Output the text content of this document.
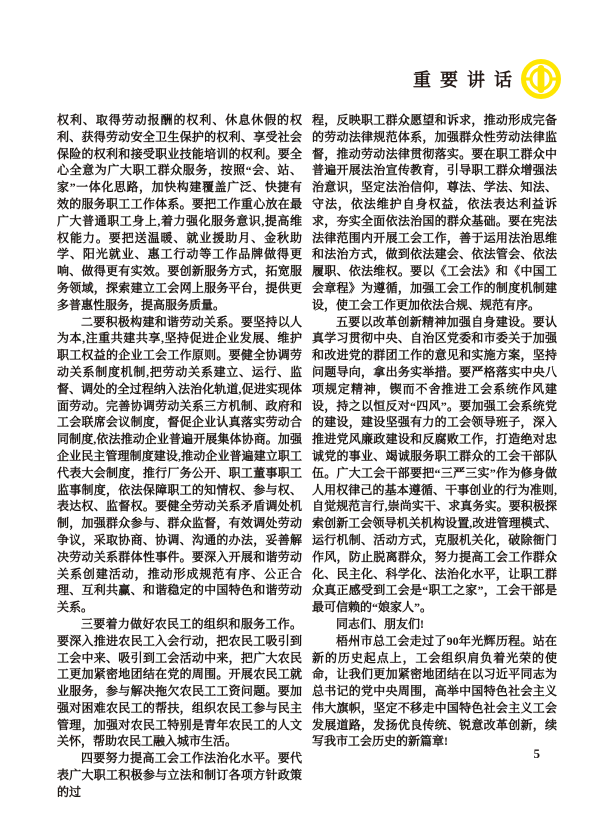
重要讲话

权利、取得劳动报酬的权利、休息休假的权利、获得劳动安全卫生保护的权利、享受社会保险的权利和接受职业技能培训的权利。要全心全意为广大职工群众服务，按照“会、站、家”一体化思路，加快构建覆盖广泛、快捷有效的服务职工工作体系。要把工作重心放在最广大普通职工身上,着力强化服务意识,提高维权能力。要把送温暖、就业援助月、金秋助学、阳光就业、惠工行动等工作品牌做得更响、做得更有实效。要创新服务方式，拓宽服务领域，探索建立工会网上服务平台，提供更多普惠性服务，提高服务质量。

二要积极构建和谐劳动关系。要坚持以人为本,注重共建共享,坚持促进企业发展、维护职工权益的企业工会工作原则。要健全协调劳动关系制度机制,把劳动关系建立、运行、监督、调处的全过程纳入法治化轨道,促进实现体面劳动。完善协调劳动关系三方机制、政府和工会联席会议制度，督促企业认真落实劳动合同制度,依法推动企业普遍开展集体协商。加强企业民主管理制度建设,推动企业普遍建立职工代表大会制度，推行厂务公开、职工董事职工监事制度，依法保障职工的知情权、参与权、表达权、监督权。要健全劳动关系矛盾调处机制，加强群众参与、群众监督，有效调处劳动争议，采取协商、协调、沟通的办法，妥善解决劳动关系群体性事件。要深入开展和谐劳动关系创建活动，推动形成规范有序、公正合理、互利共赢、和谐稳定的中国特色和谐劳动关系。

三要着力做好农民工的组织和服务工作。要深入推进农民工入会行动，把农民工吸引到工会中来、吸引到工会活动中来，把广大农民工更加紧密地团结在党的周围。开展农民工就业服务，参与解决拖欠农民工工资问题。要加强对困难农民工的帮扶，组织农民工参与民主管理，加强对农民工特别是青年农民工的人文关怀，帮助农民工融入城市生活。

四要努力提高工会工作法治化水平。要代表广大职工积极参与立法和制订各项方针政策的过

程，反映职工群众愿望和诉求，推动形成完备的劳动法律规范体系，加强群众性劳动法律监督，推动劳动法律贯彻落实。要在职工群众中普遍开展法治宣传教育，引导职工群众增强法治意识，坚定法治信仰，尊法、学法、知法、守法，依法维护自身权益，依法表达利益诉求，夯实全面依法治国的群众基础。要在宪法法律范围内开展工会工作，善于运用法治思维和法治方式，做到依法建会、依法管会、依法履职、依法维权。要以《工会法》和《中国工会章程》为遵循，加强工会工作的制度机制建设，使工会工作更加依法合规、规范有序。

五要以改革创新精神加强自身建设。要认真学习贯彻中央、自治区党委和市委关于加强和改进党的群团工作的意见和实施方案，坚持问题导向，拿出务实举措。要严格落实中央八项规定精神，锲而不舍推进工会系统作风建设，持之以恒反对“四风”。要加强工会系统党的建设，建设坚强有力的工会领导班子，深入推进党风廉政建设和反腐败工作，打造绝对忠诚党的事业、竭诚服务职工群众的工会干部队伍。广大工会干部要把“三严三实”作为修身做人用权律己的基本遵循、干事创业的行为准则,自觉规范言行,崇尚实干、求真务实。要积极探索创新工会领导机关机构设置,改进管理模式、运行机制、活动方式，克服机关化，破除衙门作风，防止脱离群众，努力提高工会工作群众化、民主化、科学化、法治化水平，让职工群众真正感受到工会是“职工之家”，工会干部是最可信赖的“娘家人”。

同志们、朋友们!

梧州市总工会走过了90年光辉历程。站在新的历史起点上，工会组织肩负着光荣的使命，让我们更加紧密地团结在以习近平同志为总书记的党中央周围，高举中国特色社会主义伟大旗帜，坚定不移走中国特色社会主义工会发展道路，发扬优良传统、锐意改革创新，续写我市工会历史的新篇章!

5
